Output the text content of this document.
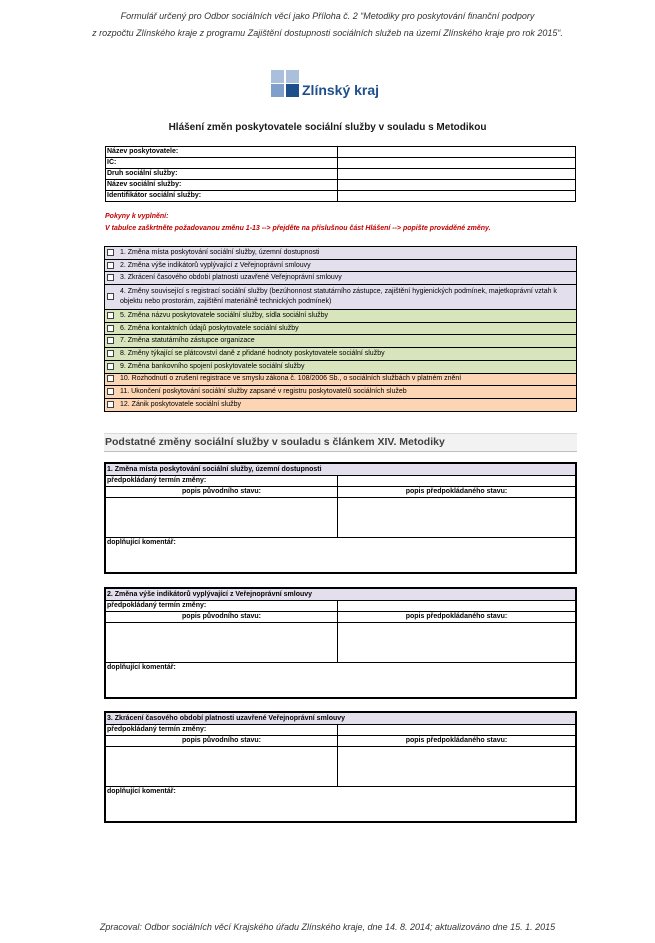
Formulář určený pro Odbor sociálních věcí jako Příloha č. 2 “Metodiky pro poskytování finanční podpory
z rozpočtu Zlínského kraje z programu Zajištění dostupnosti sociálních služeb na území Zlínského kraje pro rok 2015“.
Zlínský kraj
Hlášení změn poskytovatele sociální služby v souladu s Metodikou
Název poskytovatele:
IČ:
Druh sociální služby:
Název sociální služby:
Identifikátor sociální služby:
Pokyny k vyplnění:
V tabulce zaškrtněte požadovanou změnu 1-13 --> přejděte na příslušnou část Hlášení --> popište prováděné změny.
1. Změna místa poskytování sociální služby, územní dostupnosti
2. Změna výše indikátorů vyplývající z Veřejnoprávní smlouvy
3. Zkrácení časového období platnosti uzavřené Veřejnoprávní smlouvy
4. Změny související s registrací sociální služby (bezúhonnost statutárního zástupce, zajištění hygienických podmínek, majetkoprávní vztah k objektu nebo prostorám, zajištění materiálně technických podmínek)
5. Změna názvu poskytovatele sociální služby, sídla sociální služby
6. Změna kontaktních údajů poskytovatele sociální služby
7. Změna statutárního zástupce organizace
8. Změny týkající se plátcovství daně z přidané hodnoty poskytovatele sociální služby
9. Změna bankovního spojení poskytovatele sociální služby
10. Rozhodnutí o zrušení registrace ve smyslu zákona č. 108/2006 Sb., o sociálních službách v platném znění
11. Ukončení poskytování sociální služby zapsané v registru poskytovatelů sociálních služeb
12. Zánik poskytovatele sociální služby
Podstatné změny sociální služby v souladu s článkem XIV. Metodiky
1. Změna místa poskytování sociální služby, územní dostupnosti
předpokládaný termín změny:
popis původního stavu:	popis předpokládaného stavu:
doplňující komentář:
2. Změna výše indikátorů vyplývající z Veřejnoprávní smlouvy
předpokládaný termín změny:
popis původního stavu:	popis předpokládaného stavu:
doplňující komentář:
3. Zkrácení časového období platnosti uzavřené Veřejnoprávní smlouvy
předpokládaný termín změny:
popis původního stavu:	popis předpokládaného stavu:
doplňující komentář:
Zpracoval: Odbor sociálních věcí Krajského úřadu Zlínského kraje, dne 14. 8. 2014; aktualizováno dne 15. 1. 2015
